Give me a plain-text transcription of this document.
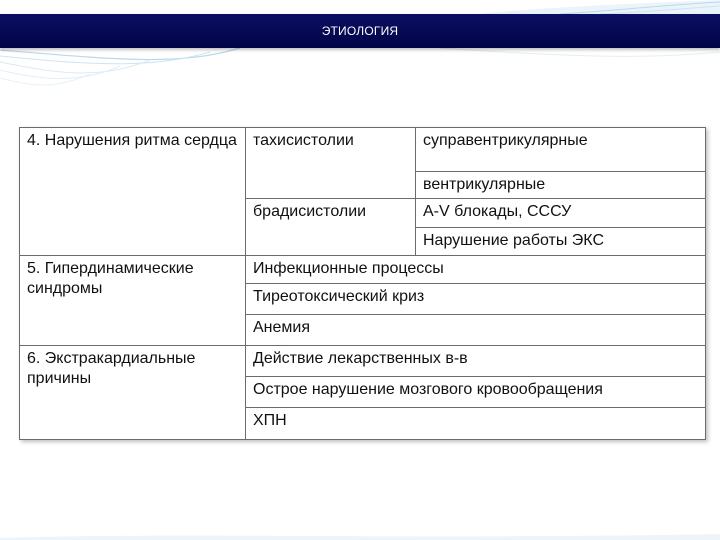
ЭТИОЛОГИЯ
4. Нарушения ритма сердца	тахисистолии	суправентрикулярные
		вентрикулярные
	брадисистолии	A-V блокады, СССУ
		Нарушение работы ЭКС
5. Гипердинамические синдромы	Инфекционные процессы	
	Тиреотоксический криз	
	Анемия	
6. Экстракардиальные причины	Действие лекарственных в-в	
	Острое нарушение мозгового кровообращения	
	ХПН	
